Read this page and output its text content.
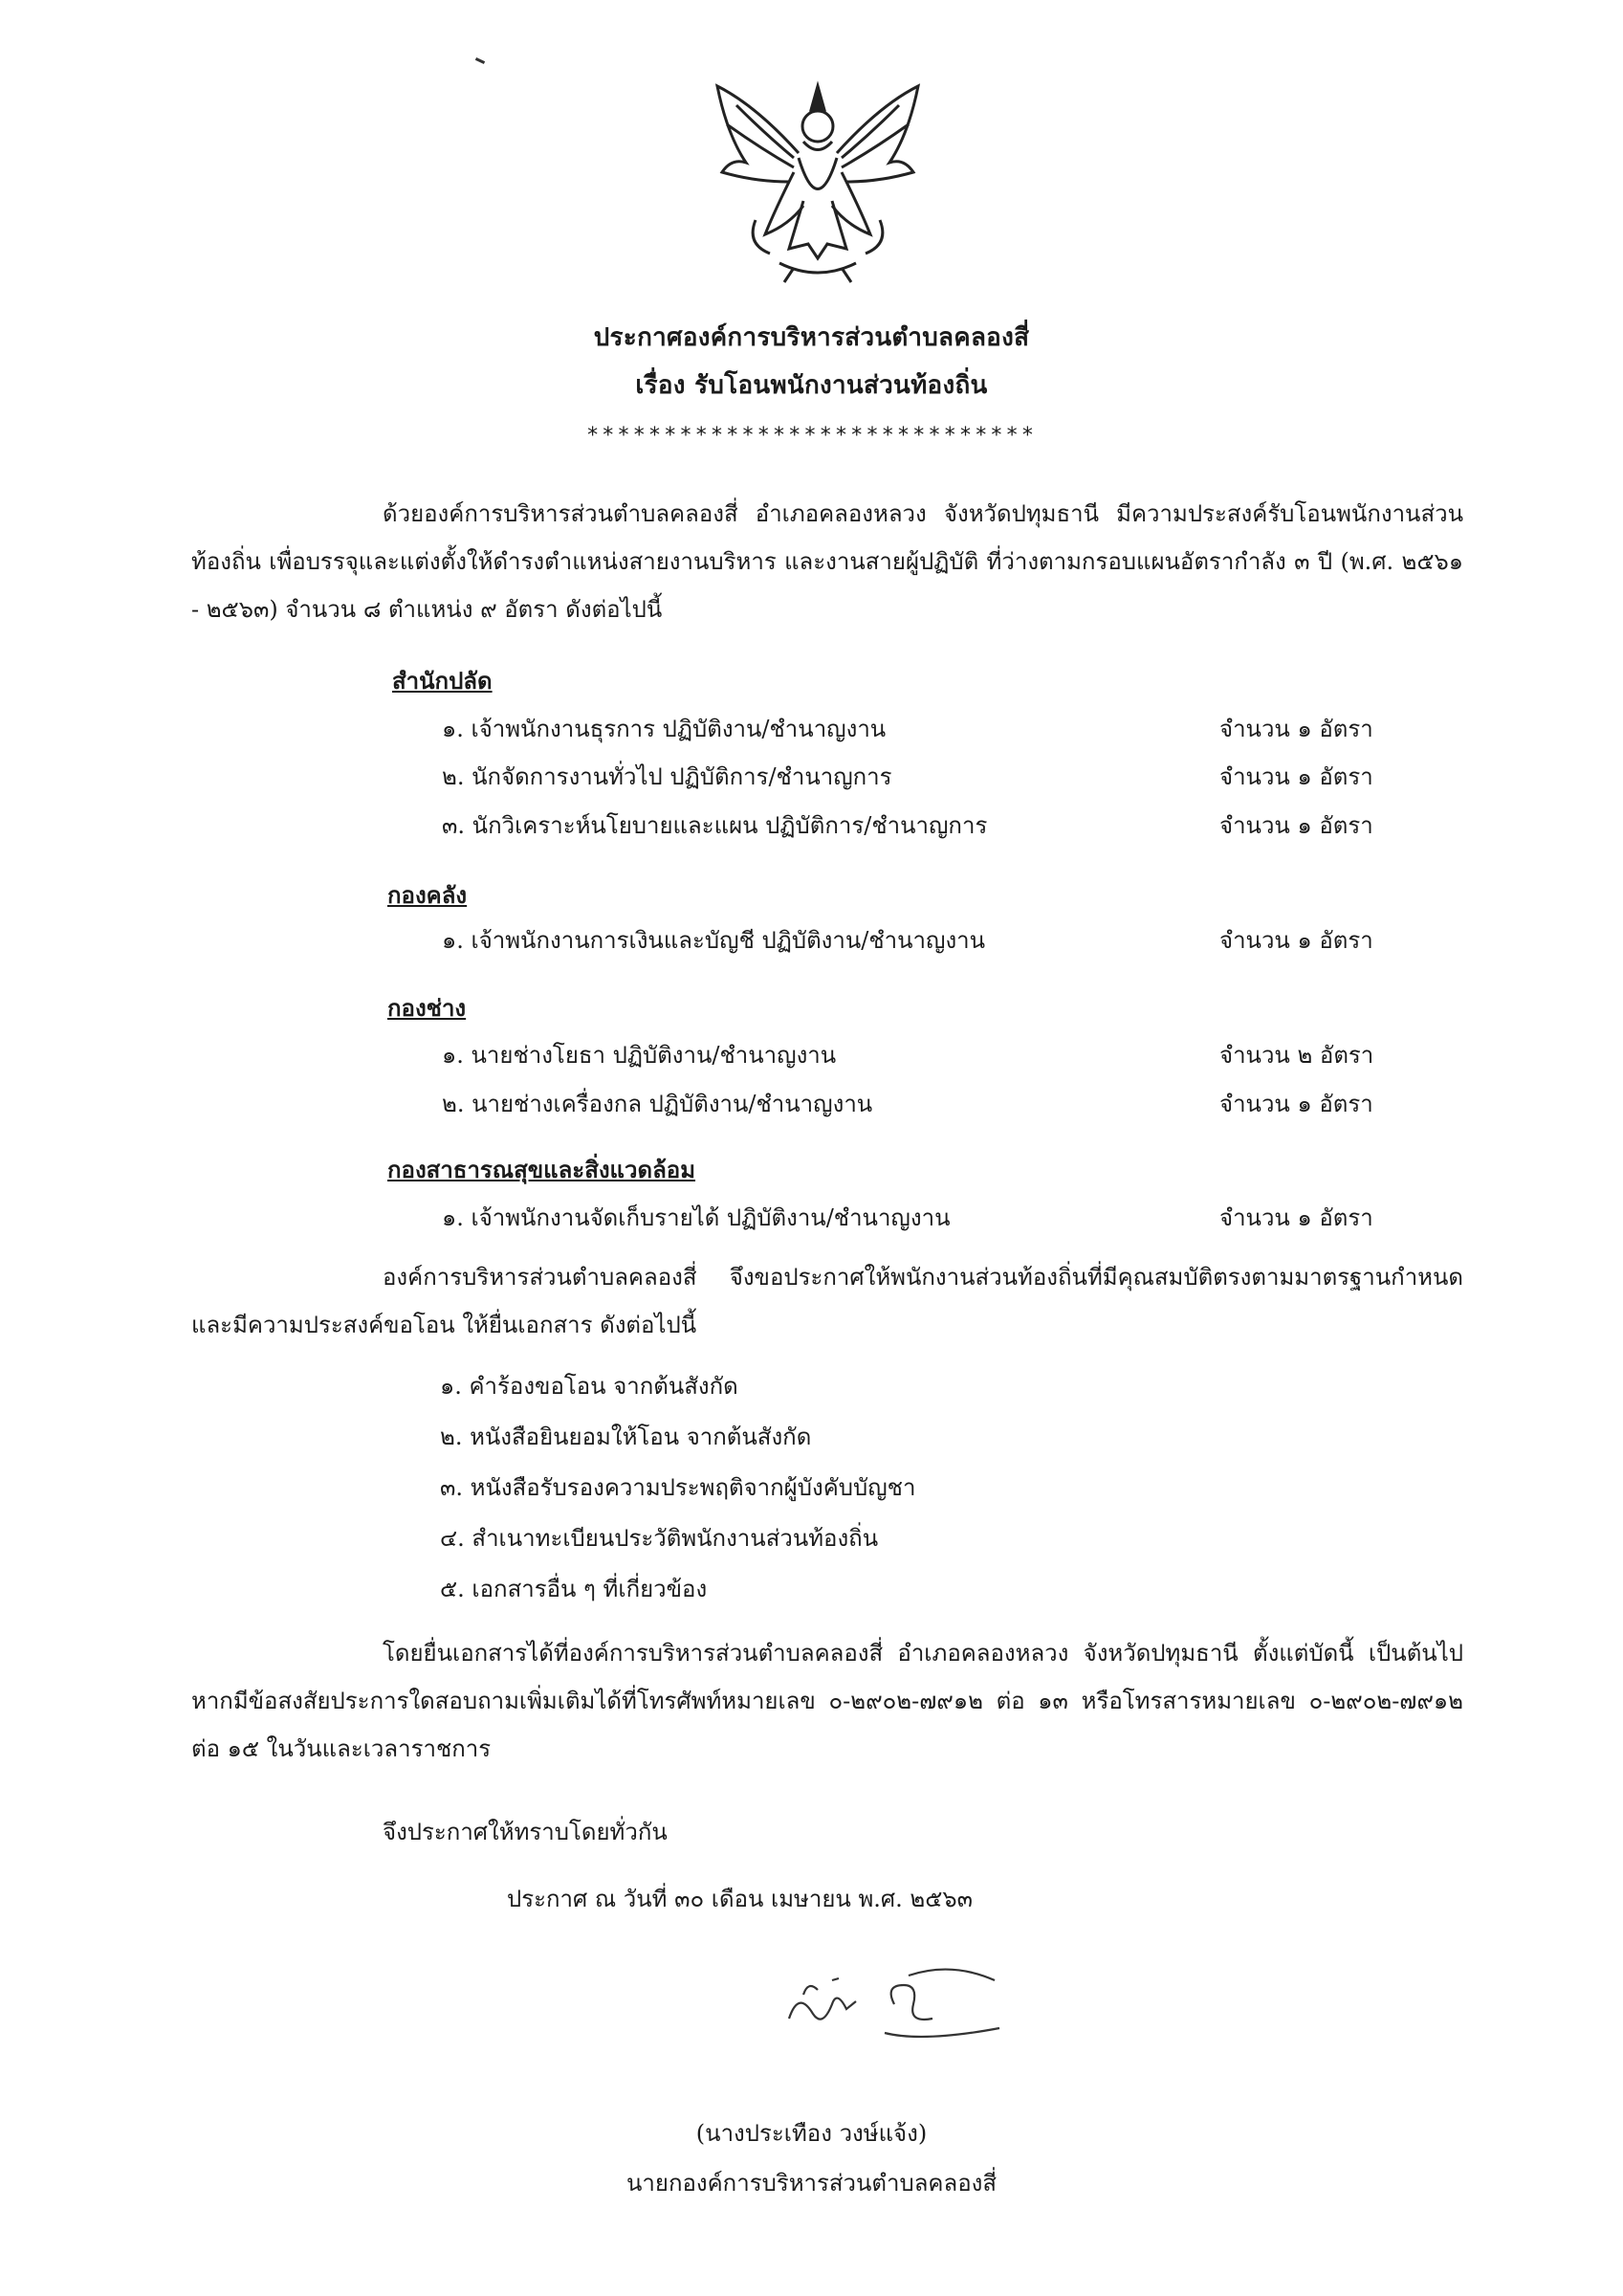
ประกาศองค์การบริหารส่วนตำบลคลองสี่
เรื่อง รับโอนพนักงานส่วนท้องถิ่น
*****************************
ด้วยองค์การบริหารส่วนตำบลคลองสี่ อำเภอคลองหลวง จังหวัดปทุมธานี มีความประสงค์รับโอนพนักงานส่วนท้องถิ่น เพื่อบรรจุและแต่งตั้งให้ดำรงตำแหน่งสายงานบริหาร และงานสายผู้ปฏิบัติ ที่ว่างตามกรอบแผนอัตรากำลัง ๓ ปี (พ.ศ. ๒๕๖๑ - ๒๕๖๓) จำนวน ๘ ตำแหน่ง ๙ อัตรา ดังต่อไปนี้
สำนักปลัด
๑. เจ้าพนักงานธุรการ ปฏิบัติงาน/ชำนาญงาน	จำนวน ๑ อัตรา
๒. นักจัดการงานทั่วไป ปฏิบัติการ/ชำนาญการ	จำนวน ๑ อัตรา
๓. นักวิเคราะห์นโยบายและแผน ปฏิบัติการ/ชำนาญการ	จำนวน ๑ อัตรา
กองคลัง
๑. เจ้าพนักงานการเงินและบัญชี ปฏิบัติงาน/ชำนาญงาน	จำนวน ๑ อัตรา
กองช่าง
๑. นายช่างโยธา ปฏิบัติงาน/ชำนาญงาน	จำนวน ๒ อัตรา
๒. นายช่างเครื่องกล ปฏิบัติงาน/ชำนาญงาน	จำนวน ๑ อัตรา
กองสาธารณสุขและสิ่งแวดล้อม
๑. เจ้าพนักงานจัดเก็บรายได้ ปฏิบัติงาน/ชำนาญงาน	จำนวน ๑ อัตรา
องค์การบริหารส่วนตำบลคลองสี่ จึงขอประกาศให้พนักงานส่วนท้องถิ่นที่มีคุณสมบัติตรงตามมาตรฐานกำหนด และมีความประสงค์ขอโอน ให้ยื่นเอกสาร ดังต่อไปนี้
๑. คำร้องขอโอน จากต้นสังกัด
๒. หนังสือยินยอมให้โอน จากต้นสังกัด
๓. หนังสือรับรองความประพฤติจากผู้บังคับบัญชา
๔. สำเนาทะเบียนประวัติพนักงานส่วนท้องถิ่น
๕. เอกสารอื่น ๆ ที่เกี่ยวข้อง
โดยยื่นเอกสารได้ที่องค์การบริหารส่วนตำบลคลองสี่ อำเภอคลองหลวง จังหวัดปทุมธานี ตั้งแต่บัดนี้ เป็นต้นไป หากมีข้อสงสัยประการใดสอบถามเพิ่มเติมได้ที่โทรศัพท์หมายเลข ๐-๒๙๐๒-๗๙๑๒ ต่อ ๑๓ หรือโทรสารหมายเลข ๐-๒๙๐๒-๗๙๑๒ ต่อ ๑๕ ในวันและเวลาราชการ
จึงประกาศให้ทราบโดยทั่วกัน
ประกาศ ณ วันที่ ๓๐ เดือน เมษายน พ.ศ. ๒๕๖๓
(นางประเทือง วงษ์แจ้ง)
นายกองค์การบริหารส่วนตำบลคลองสี่
